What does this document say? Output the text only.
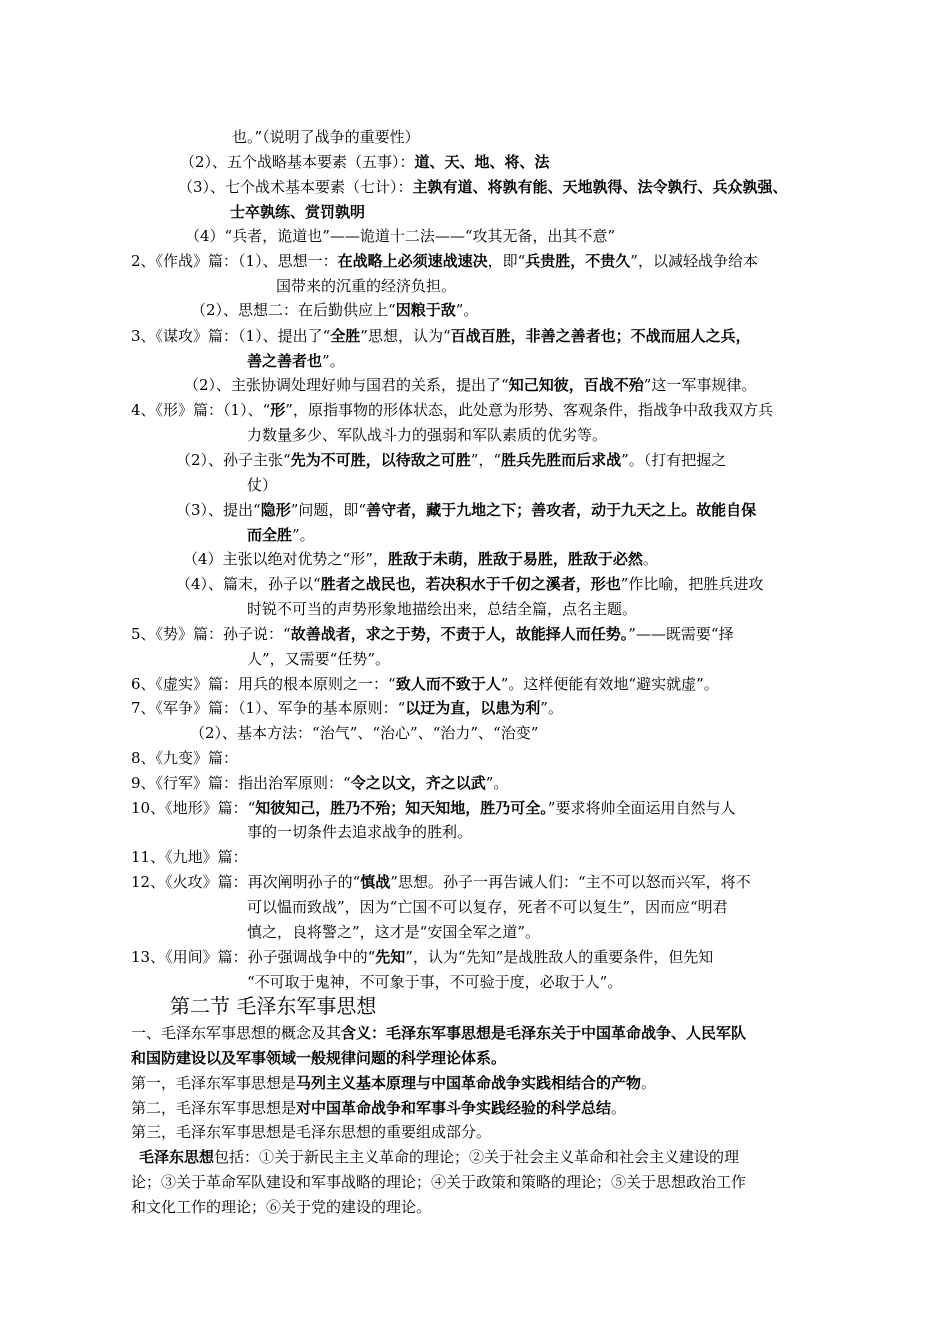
也。”（说明了战争的重要性）
（2）、五个战略基本要素（五事）：道、天、地、将、法
（3）、七个战术基本要素（七计）：主孰有道、将孰有能、天地孰得、法令孰行、兵众孰强、
士卒孰练、赏罚孰明
（4）“兵者，诡道也”——诡道十二法——“攻其无备，出其不意”
2、《作战》篇：（1）、思想一：在战略上必须速战速决，即“兵贵胜，不贵久”，以减轻战争给本
国带来的沉重的经济负担。
（2）、思想二：在后勤供应上“因粮于敌”。
3、《谋攻》篇：（1）、提出了“全胜”思想，认为“百战百胜，非善之善者也；不战而屈人之兵，
善之善者也”。
（2）、主张协调处理好帅与国君的关系，提出了“知己知彼，百战不殆”这一军事规律。
4、《形》篇：（1）、“形”，原指事物的形体状态，此处意为形势、客观条件，指战争中敌我双方兵
力数量多少、军队战斗力的强弱和军队素质的优劣等。
（2）、孙子主张“先为不可胜，以待敌之可胜”，“胜兵先胜而后求战”。（打有把握之
仗）
（3）、提出“隐形”问题，即“善守者，藏于九地之下；善攻者，动于九天之上。故能自保
而全胜”。
（4）主张以绝对优势之“形”，胜敌于未萌，胜敌于易胜，胜敌于必然。
（4）、篇末，孙子以“胜者之战民也，若决积水于千仞之溪者，形也”作比喻，把胜兵进攻
时锐不可当的声势形象地描绘出来，总结全篇，点名主题。
5、《势》篇：孙子说：“故善战者，求之于势，不责于人，故能择人而任势。”——既需要“择
人”，又需要“任势”。
6、《虚实》篇：用兵的根本原则之一：“致人而不致于人”。这样便能有效地“避实就虚”。
7、《军争》篇：（1）、军争的基本原则：“以迂为直，以患为利”。
（2）、基本方法：“治气”、“治心”、“治力”、“治变”
8、《九变》篇：
9、《行军》篇：指出治军原则：“令之以文，齐之以武”。
10、《地形》篇：“知彼知己，胜乃不殆；知天知地，胜乃可全。”要求将帅全面运用自然与人
事的一切条件去追求战争的胜利。
11、《九地》篇：
12、《火攻》篇：再次阐明孙子的“慎战”思想。孙子一再告诫人们：“主不可以怒而兴军，将不
可以愠而致战”，因为“亡国不可以复存，死者不可以复生”，因而应“明君
慎之，良将警之”，这才是“安国全军之道”。
13、《用间》篇：孙子强调战争中的“先知”，认为“先知”是战胜敌人的重要条件，但先知
“不可取于鬼神，不可象于事，不可验于度，必取于人”。
第二节 毛泽东军事思想
一、毛泽东军事思想的概念及其含义：毛泽东军事思想是毛泽东关于中国革命战争、人民军队
和国防建设以及军事领域一般规律问题的科学理论体系。
第一，毛泽东军事思想是马列主义基本原理与中国革命战争实践相结合的产物。
第二，毛泽东军事思想是对中国革命战争和军事斗争实践经验的科学总结。
第三，毛泽东军事思想是毛泽东思想的重要组成部分。
毛泽东思想包括：①关于新民主主义革命的理论；②关于社会主义革命和社会主义建设的理
论；③关于革命军队建设和军事战略的理论；④关于政策和策略的理论；⑤关于思想政治工作
和文化工作的理论；⑥关于党的建设的理论。
